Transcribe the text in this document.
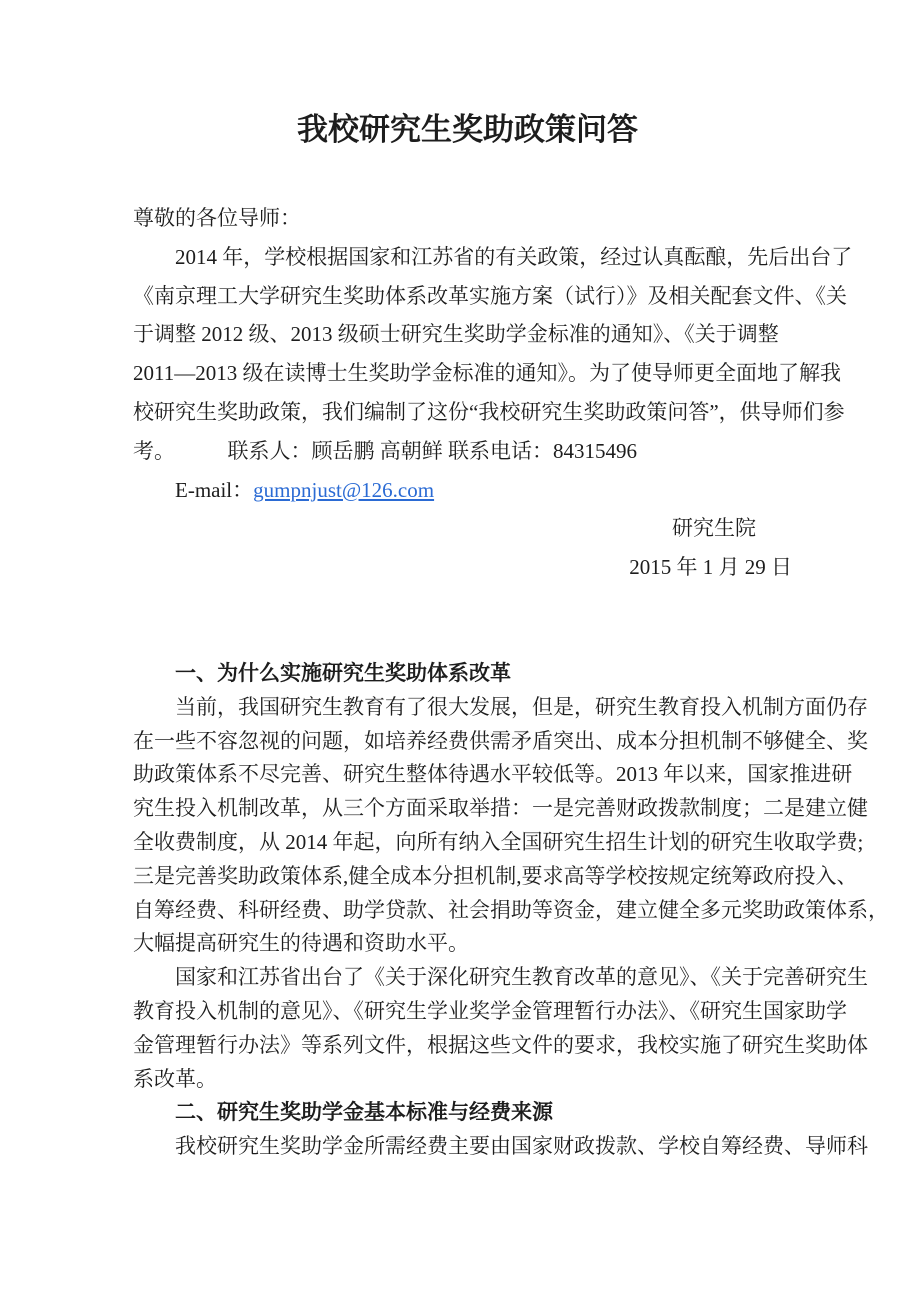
我校研究生奖助政策问答
尊敬的各位导师：
2014 年，学校根据国家和江苏省的有关政策，经过认真酝酿，先后出台了
《南京理工大学研究生奖助体系改革实施方案（试行）》及相关配套文件、《关
于调整 2012 级、2013 级硕士研究生奖助学金标准的通知》、《关于调整
2011—2013 级在读博士生奖助学金标准的通知》。为了使导师更全面地了解我
校研究生奖助政策，我们编制了这份“我校研究生奖助政策问答”，供导师们参
考。　　　联系人：顾岳鹏 高朝鲜 联系电话：84315496
E-mail：gumpnjust@126.com
研究生院
2015 年 1 月 29 日
一、为什么实施研究生奖助体系改革
当前，我国研究生教育有了很大发展，但是，研究生教育投入机制方面仍存
在一些不容忽视的问题，如培养经费供需矛盾突出、成本分担机制不够健全、奖
助政策体系不尽完善、研究生整体待遇水平较低等。2013 年以来，国家推进研
究生投入机制改革，从三个方面采取举措：一是完善财政拨款制度；二是建立健
全收费制度，从 2014 年起，向所有纳入全国研究生招生计划的研究生收取学费;
三是完善奖助政策体系,健全成本分担机制,要求高等学校按规定统筹政府投入、
自筹经费、科研经费、助学贷款、社会捐助等资金，建立健全多元奖助政策体系，
大幅提高研究生的待遇和资助水平。
国家和江苏省出台了《关于深化研究生教育改革的意见》、《关于完善研究生
教育投入机制的意见》、《研究生学业奖学金管理暂行办法》、《研究生国家助学
金管理暂行办法》等系列文件，根据这些文件的要求，我校实施了研究生奖助体
系改革。
二、研究生奖助学金基本标准与经费来源
我校研究生奖助学金所需经费主要由国家财政拨款、学校自筹经费、导师科
